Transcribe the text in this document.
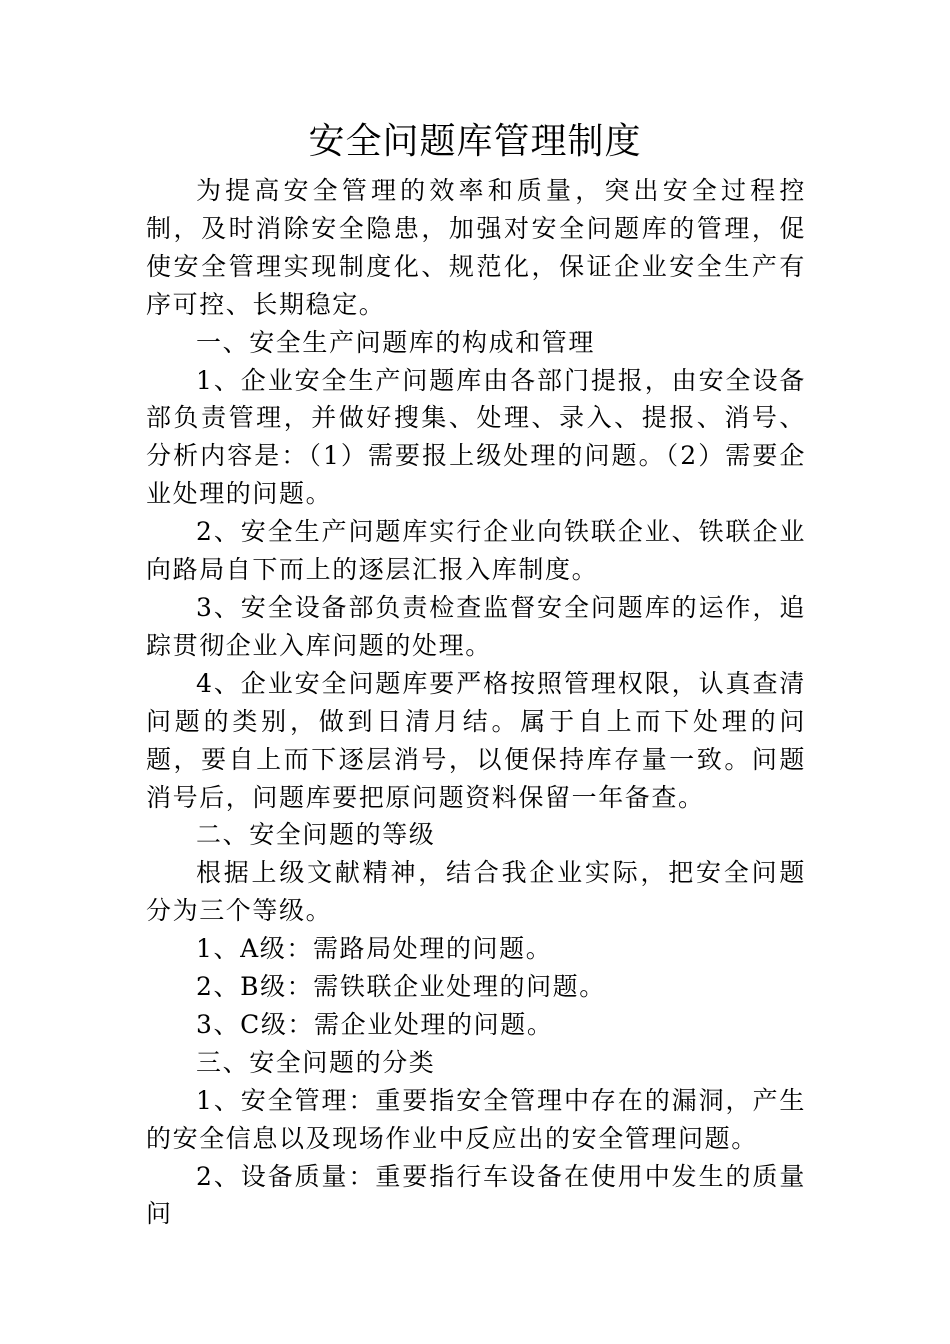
安全问题库管理制度

为提高安全管理的效率和质量，突出安全过程控制，及时消除安全隐患，加强对安全问题库的管理，促使安全管理实现制度化、规范化，保证企业安全生产有序可控、长期稳定。

一、安全生产问题库的构成和管理

1、企业安全生产问题库由各部门提报，由安全设备部负责管理，并做好搜集、处理、录入、提报、消号、分析内容是：（1）需要报上级处理的问题。（2）需要企业处理的问题。

2、安全生产问题库实行企业向铁联企业、铁联企业向路局自下而上的逐层汇报入库制度。

3、安全设备部负责检查监督安全问题库的运作，追踪贯彻企业入库问题的处理。

4、企业安全问题库要严格按照管理权限，认真查清问题的类别，做到日清月结。属于自上而下处理的问题，要自上而下逐层消号，以便保持库存量一致。问题消号后，问题库要把原问题资料保留一年备查。

二、安全问题的等级

根据上级文献精神，结合我企业实际，把安全问题分为三个等级。

1、A级：需路局处理的问题。

2、B级：需铁联企业处理的问题。

3、C级：需企业处理的问题。

三、安全问题的分类

1、安全管理：重要指安全管理中存在的漏洞，产生的安全信息以及现场作业中反应出的安全管理问题。

2、设备质量：重要指行车设备在使用中发生的质量问
